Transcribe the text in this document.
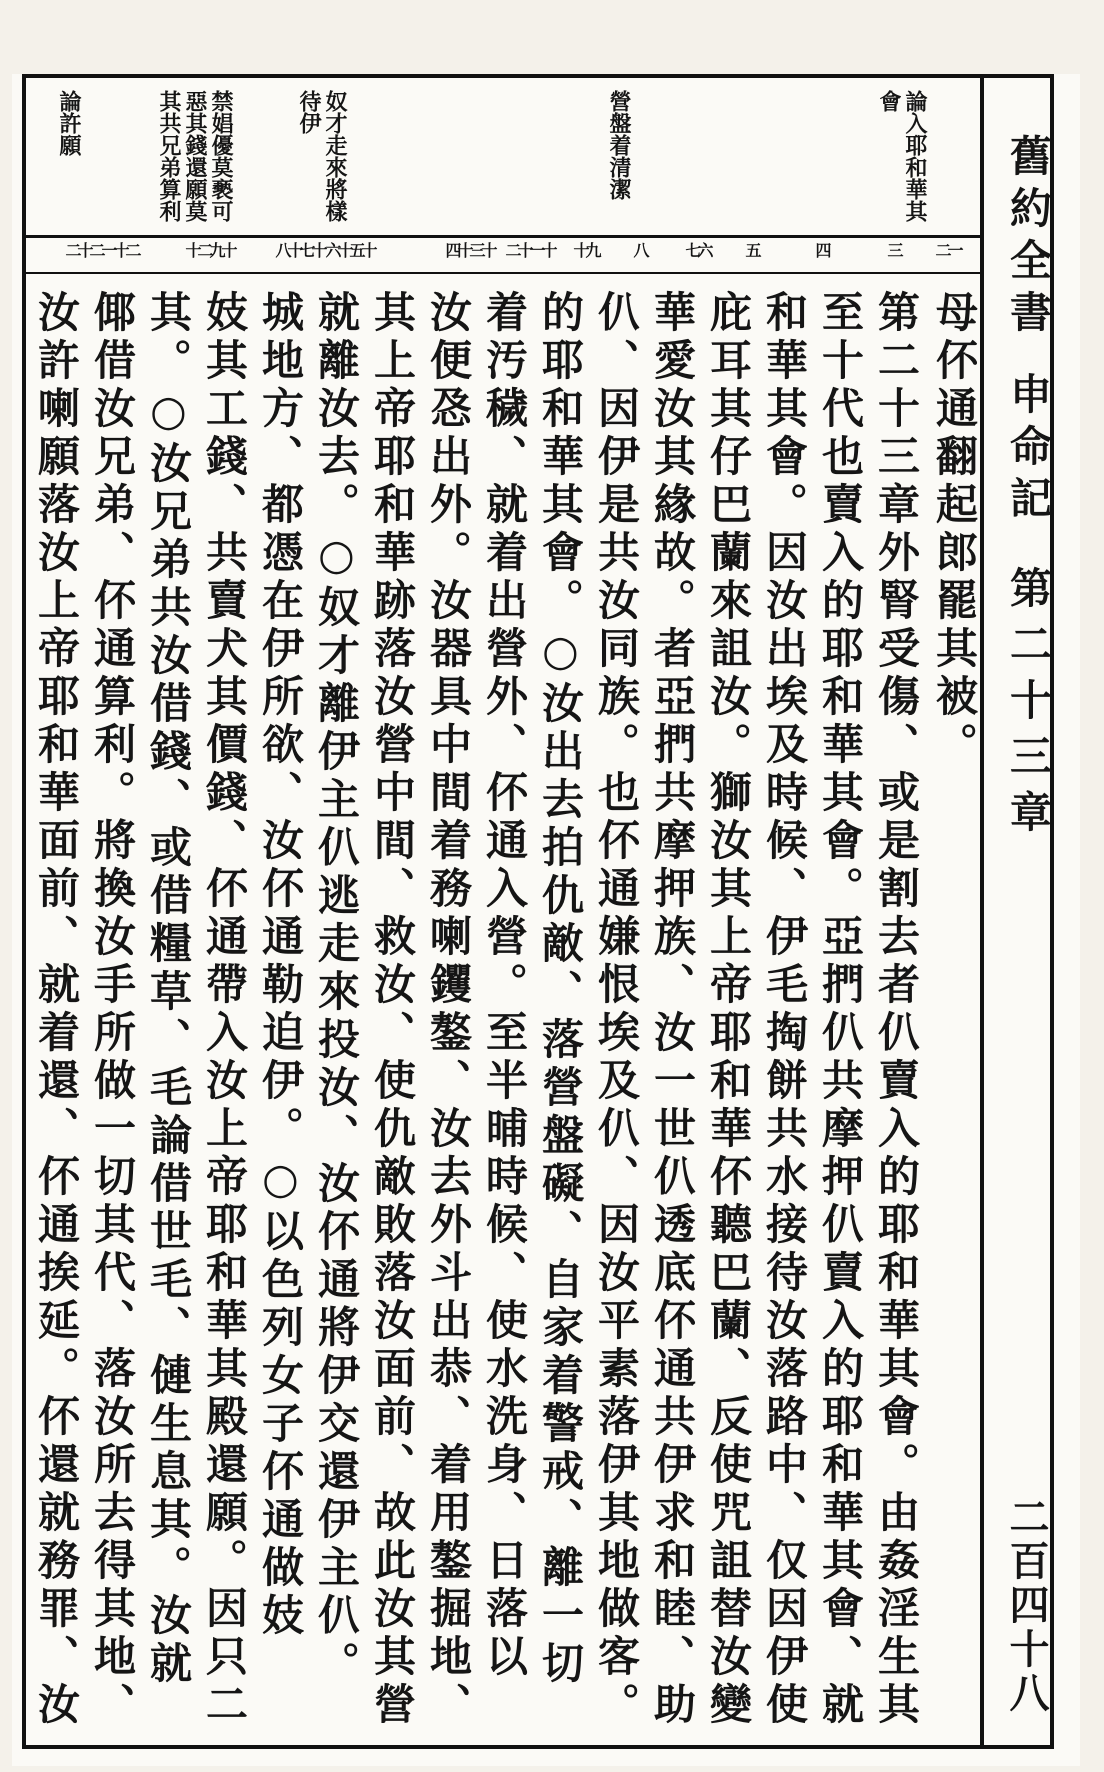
舊約全書
申命記
第二十三章
二百四十八
論入耶和華其會
營盤着清潔
奴才走來將樣待伊
禁娼優莫褻可惡其錢還願莫其共兄弟算利
論許願
一二
三
四
五
六七
八
九十
十一十二
十三十四
十五十六
十七十八
十九二十
二十一二十二
母伓通翻起郎罷其被。
第二十三章外腎受傷、或是割去者仈賣入的耶和華其會。由姦淫生其
至十代也賣入的耶和華其會。亞捫仈共摩押仈賣入的耶和華其會、就
和華其會。因汝出埃及時候、伊毛掏餅共水接待汝落路中、仅因伊使
庇耳其仔巴蘭來詛汝。獅汝其上帝耶和華伓聽巴蘭、反使咒詛替汝變
華愛汝其緣故。者亞捫共摩押族、汝一世仈透底伓通共伊求和睦、助
仈、因伊是共汝同族。也伓通嫌恨埃及仈、因汝平素落伊其地做客。
的耶和華其會。○汝出去拍仇敵、落營盤礙、自家着警戒、離一切
着汚穢、就着出營外、伓通入營。至半晡時候、使水洗身、日落以
汝便㤂出外。汝器具中間着務喇钁鏊、汝去外斗出恭、着用鏊掘地、
其上帝耶和華跡落汝營中間、救汝、使仇敵敗落汝面前、故此汝其營
就離汝去。○奴才離伊主仈逃走來投汝、汝伓通將伊交還伊主仈。
城地方、都憑在伊所欲、汝伓通勒迫伊。○以色列女子伓通做妓
妓其工錢、共賣犬其價錢、伓通帶入汝上帝耶和華其殿還願。因只二
其。○汝兄弟共汝借錢、或借糧草、毛論借世毛、僆生息其。汝就
倻借汝兄弟、伓通算利。將換汝手所做一切其代、落汝所去得其地、
汝許喇願落汝上帝耶和華面前、就着還、伓通挨延。伓還就務罪、汝
